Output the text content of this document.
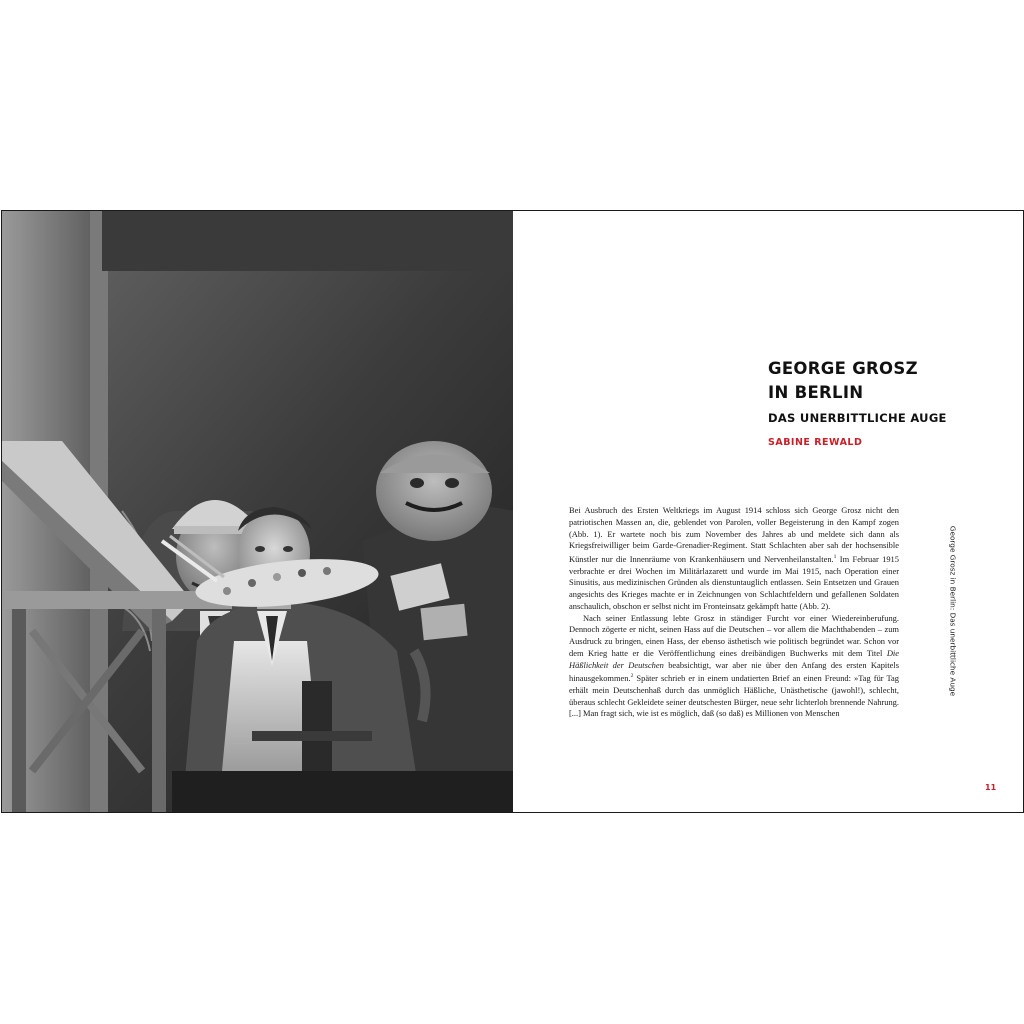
GEORGE GROSZ
IN BERLIN
DAS UNERBITTLICHE AUGE
SABINE REWALD

Bei Ausbruch des Ersten Weltkriegs im August 1914 schloss sich George Grosz nicht den patriotischen Massen an, die, geblendet von Parolen, voller Begeisterung in den Kampf zogen (Abb. 1). Er wartete noch bis zum November des Jahres ab und meldete sich dann als Kriegsfreiwilliger beim Garde-Grenadier-Regiment. Statt Schlachten aber sah der hochsensible Künstler nur die Innenräume von Krankenhäusern und Nervenheilanstalten.$^1$ Im Februar 1915 verbrachte er drei Wochen im Militärlazarett und wurde im Mai 1915, nach Operation einer Sinusitis, aus medizinischen Gründen als dienstuntauglich entlassen. Sein Entsetzen und Grauen angesichts des Krieges machte er in Zeichnungen von Schlachtfeldern und gefallenen Soldaten anschaulich, obschon er selbst nicht im Fronteinsatz gekämpft hatte (Abb. 2).

Nach seiner Entlassung lebte Grosz in ständiger Furcht vor einer Wiedereinberufung. Dennoch zögerte er nicht, seinen Hass auf die Deutschen – vor allem die Machthabenden – zum Ausdruck zu bringen, einen Hass, der ebenso ästhetisch wie politisch begründet war. Schon vor dem Krieg hatte er die Veröffentlichung eines dreibändigen Buchwerks mit dem Titel Die Häßlichkeit der Deutschen beabsichtigt, war aber nie über den Anfang des ersten Kapitels hinausgekommen.$^2$ Später schrieb er in einem undatierten Brief an einen Freund: »Tag für Tag erhält mein Deutschenhaß durch das unmöglich Häßliche, Unästhetische (jawohl!), schlecht, überaus schlecht Gekleidete seiner deutschesten Bürger, neue sehr lichterloh brennende Nahrung. [...] Man fragt sich, wie ist es möglich, daß (so daß) es Millionen von Menschen

George Grosz in Berlin: Das unerbittliche Auge
11
